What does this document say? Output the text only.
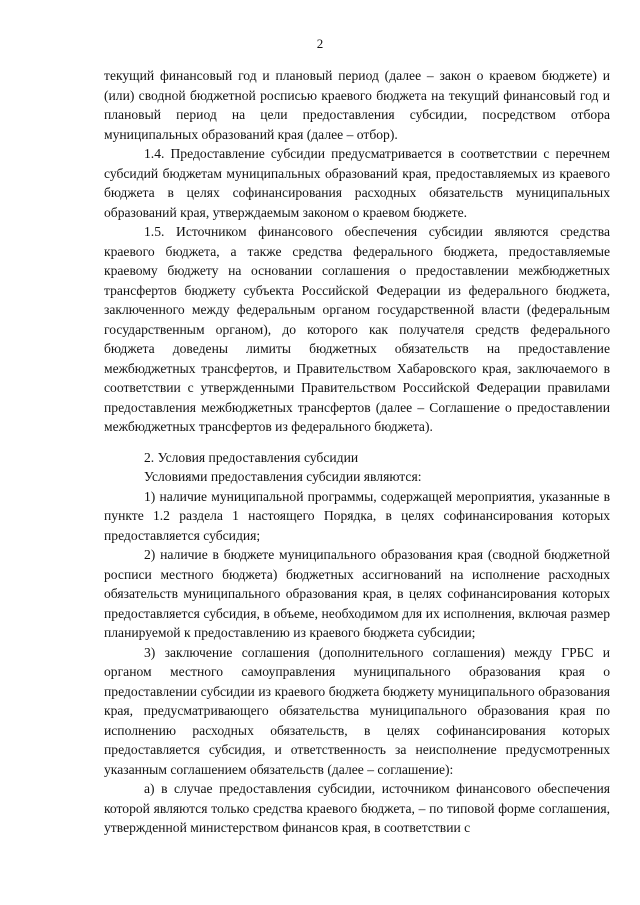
2

текущий финансовый год и плановый период (далее – закон о краевом бюджете) и (или) сводной бюджетной росписью краевого бюджета на текущий финансовый год и плановый период на цели предоставления субсидии, посредством отбора муниципальных образований края (далее – отбор).

1.4. Предоставление субсидии предусматривается в соответствии с перечнем субсидий бюджетам муниципальных образований края, предоставляемых из краевого бюджета в целях софинансирования расходных обязательств муниципальных образований края, утверждаемым законом о краевом бюджете.

1.5. Источником финансового обеспечения субсидии являются средства краевого бюджета, а также средства федерального бюджета, предоставляемые краевому бюджету на основании соглашения о предоставлении межбюджетных трансфертов бюджету субъекта Российской Федерации из федерального бюджета, заключенного между федеральным органом государственной власти (федеральным государственным органом), до которого как получателя средств федерального бюджета доведены лимиты бюджетных обязательств на предоставление межбюджетных трансфертов, и Правительством Хабаровского края, заключаемого в соответствии с утвержденными Правительством Российской Федерации правилами предоставления межбюджетных трансфертов (далее – Соглашение о предоставлении межбюджетных трансфертов из федерального бюджета).

2. Условия предоставления субсидии

Условиями предоставления субсидии являются:

1) наличие муниципальной программы, содержащей мероприятия, указанные в пункте 1.2 раздела 1 настоящего Порядка, в целях софинансирования которых предоставляется субсидия;

2) наличие в бюджете муниципального образования края (сводной бюджетной росписи местного бюджета) бюджетных ассигнований на исполнение расходных обязательств муниципального образования края, в целях софинансирования которых предоставляется субсидия, в объеме, необходимом для их исполнения, включая размер планируемой к предоставлению из краевого бюджета субсидии;

3) заключение соглашения (дополнительного соглашения) между ГРБС и органом местного самоуправления муниципального образования края о предоставлении субсидии из краевого бюджета бюджету муниципального образования края, предусматривающего обязательства муниципального образования края по исполнению расходных обязательств, в целях софинансирования которых предоставляется субсидия, и ответственность за неисполнение предусмотренных указанным соглашением обязательств (далее – соглашение):

а) в случае предоставления субсидии, источником финансового обеспечения которой являются только средства краевого бюджета, – по типовой форме соглашения, утвержденной министерством финансов края, в соответствии с
